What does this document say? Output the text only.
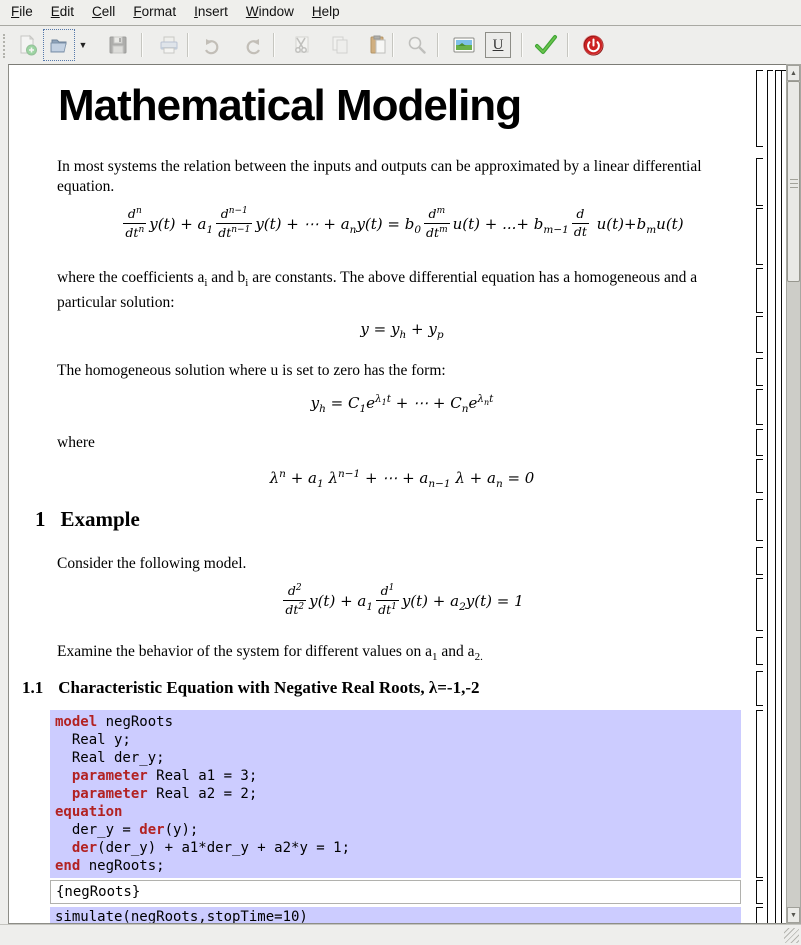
File	Edit	Cell	Format	Insert	Window	Help
▼	U
Mathematical Modeling
In most systems the relation between the inputs and outputs can be approximated by a linear differential equation.
$\frac{d^n}{dt^n} y(t) + a_1 \frac{d^{n-1}}{dt^{n-1}} y(t)$ + ⋯ + $a_ny(t) = b_0 \frac{d^m}{dt^m} u(t)$ + ...+ $b_{m-1} \frac{d}{dt} u(t)+b_mu(t)$
where the coefficients $a_i$ and $b_i$ are constants. The above differential equation has a homogeneous and a particular solution:
$y = y_h + y_p$
The homogeneous solution where u is set to zero has the form:
$y_h = C_1e^{\lambda_1t}$ + ⋯ + $C_ne^{\lambda_nt}$
where
$\lambda^n + a_1$ $\lambda^{n-1}$ + ⋯ + $a_{n-1}$ $\lambda + a_n = 0$
1 Example
Consider the following model.
$\frac{d^2}{dt^2} y(t) + a_1 \frac{d^1}{dt^1} y(t) + a_2y(t) = 1$
Examine the behavior of the system for different values on $a_1$ and $a_{2.}$
1.1 Characteristic Equation with Negative Real Roots, λ=-1,-2
model negRoots
Real y;
Real der_y;
parameter Real a1 = 3;
parameter Real a2 = 2;
equation
der_y = der(y);
der(der_y) + a1*der_y + a2*y = 1;
end negRoots;
{negRoots}
simulate(negRoots,stopTime=10)
▲
▼
